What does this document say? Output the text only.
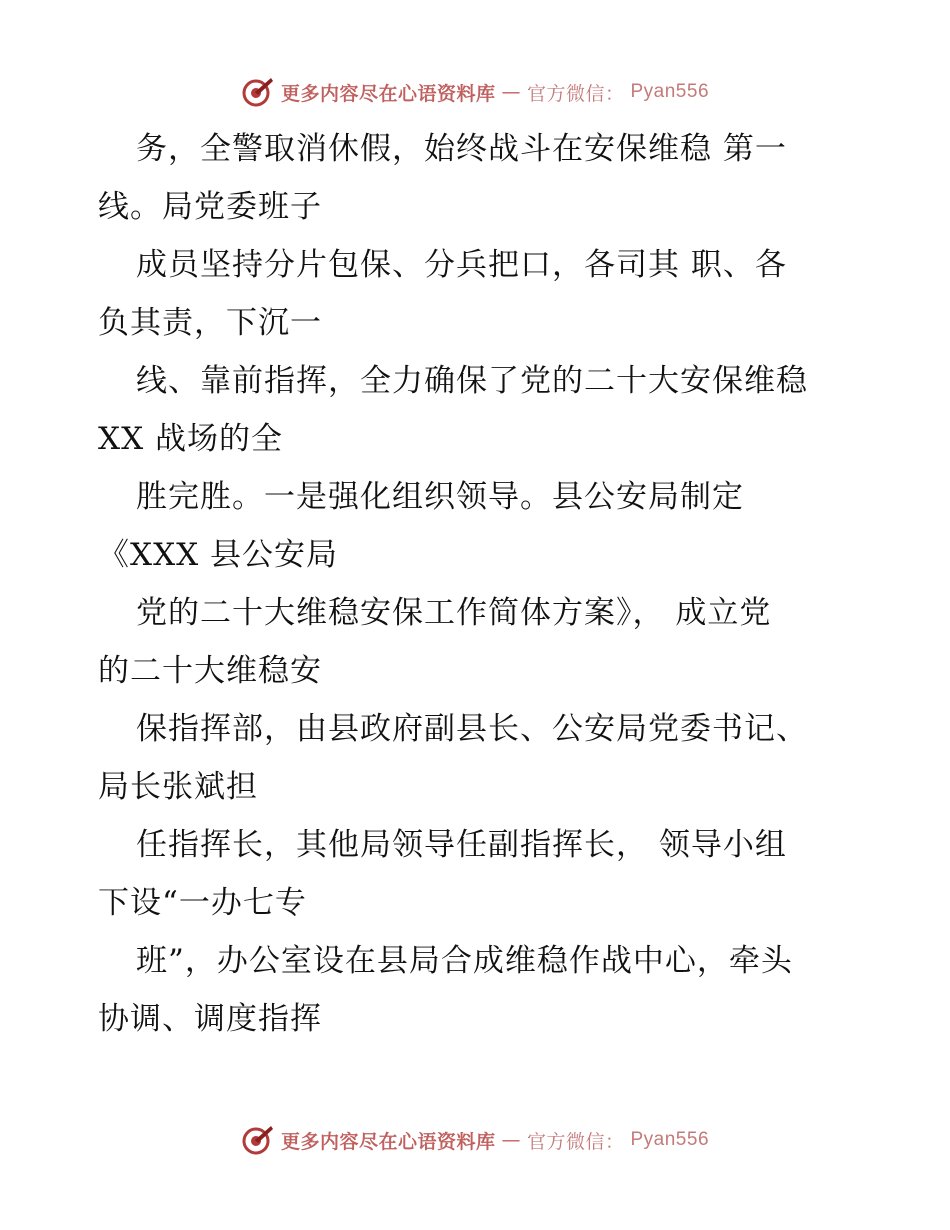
更多内容尽在心语资料库 — 官方微信： Pyan556
务，全警取消休假，始终战斗在安保维稳 第一
线。局党委班子
成员坚持分片包保、分兵把口，各司其 职、各
负其责，下沉一
线、靠前指挥，全力确保了党的二十大安保维稳
XX 战场的全
胜完胜。一是强化组织领导。县公安局制定
《XXX 县公安局
党的二十大维稳安保工作简体方案》， 成立党
的二十大维稳安
保指挥部，由县政府副县长、公安局党委书记、
局长张斌担
任指挥长，其他局领导任副指挥长， 领导小组
下设“一办七专
班”，办公室设在县局合成维稳作战中心，牵头
协调、调度指挥
更多内容尽在心语资料库 — 官方微信： Pyan556
